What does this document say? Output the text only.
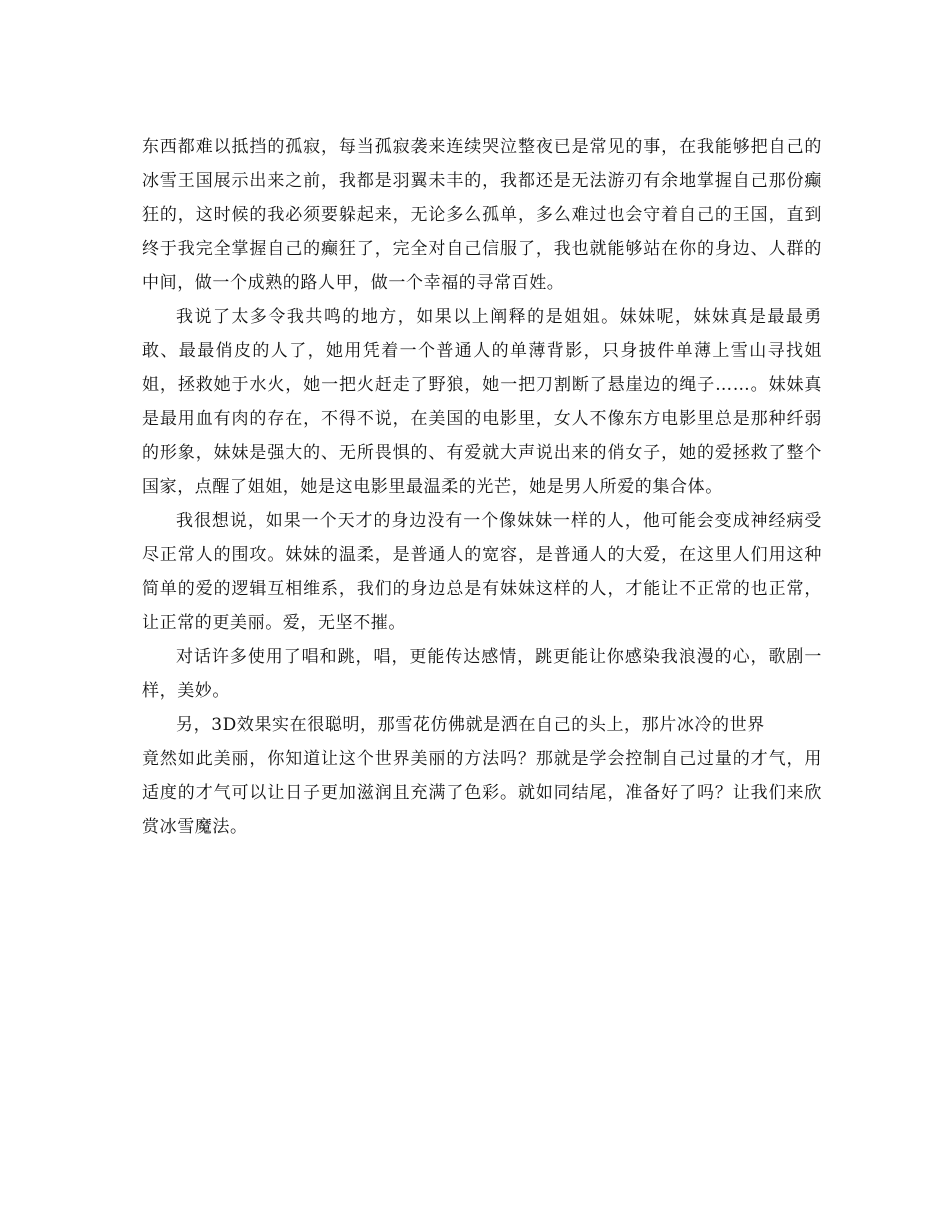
东西都难以抵挡的孤寂，每当孤寂袭来连续哭泣整夜已是常见的事，在我能够把自己的冰雪王国展示出来之前，我都是羽翼未丰的，我都还是无法游刃有余地掌握自己那份癫狂的，这时候的我必须要躲起来，无论多么孤单，多么难过也会守着自己的王国，直到终于我完全掌握自己的癫狂了，完全对自己信服了，我也就能够站在你的身边、人群的中间，做一个成熟的路人甲，做一个幸福的寻常百姓。

我说了太多令我共鸣的地方，如果以上阐释的是姐姐。妹妹呢，妹妹真是最最勇敢、最最俏皮的人了，她用凭着一个普通人的单薄背影，只身披件单薄上雪山寻找姐姐，拯救她于水火，她一把火赶走了野狼，她一把刀割断了悬崖边的绳子……。妹妹真是最用血有肉的存在，不得不说，在美国的电影里，女人不像东方电影里总是那种纤弱的形象，妹妹是强大的、无所畏惧的、有爱就大声说出来的俏女子，她的爱拯救了整个国家，点醒了姐姐，她是这电影里最温柔的光芒，她是男人所爱的集合体。

我很想说，如果一个天才的身边没有一个像妹妹一样的人，他可能会变成神经病受尽正常人的围攻。妹妹的温柔，是普通人的宽容，是普通人的大爱，在这里人们用这种简单的爱的逻辑互相维系，我们的身边总是有妹妹这样的人，才能让不正常的也正常，让正常的更美丽。爱，无坚不摧。

对话许多使用了唱和跳，唱，更能传达感情，跳更能让你感染我浪漫的心，歌剧一样，美妙。

另，3D效果实在很聪明，那雪花仿佛就是洒在自己的头上，那片冰冷的世界

竟然如此美丽，你知道让这个世界美丽的方法吗？那就是学会控制自己过量的才气，用适度的才气可以让日子更加滋润且充满了色彩。就如同结尾，准备好了吗？让我们来欣赏冰雪魔法。
